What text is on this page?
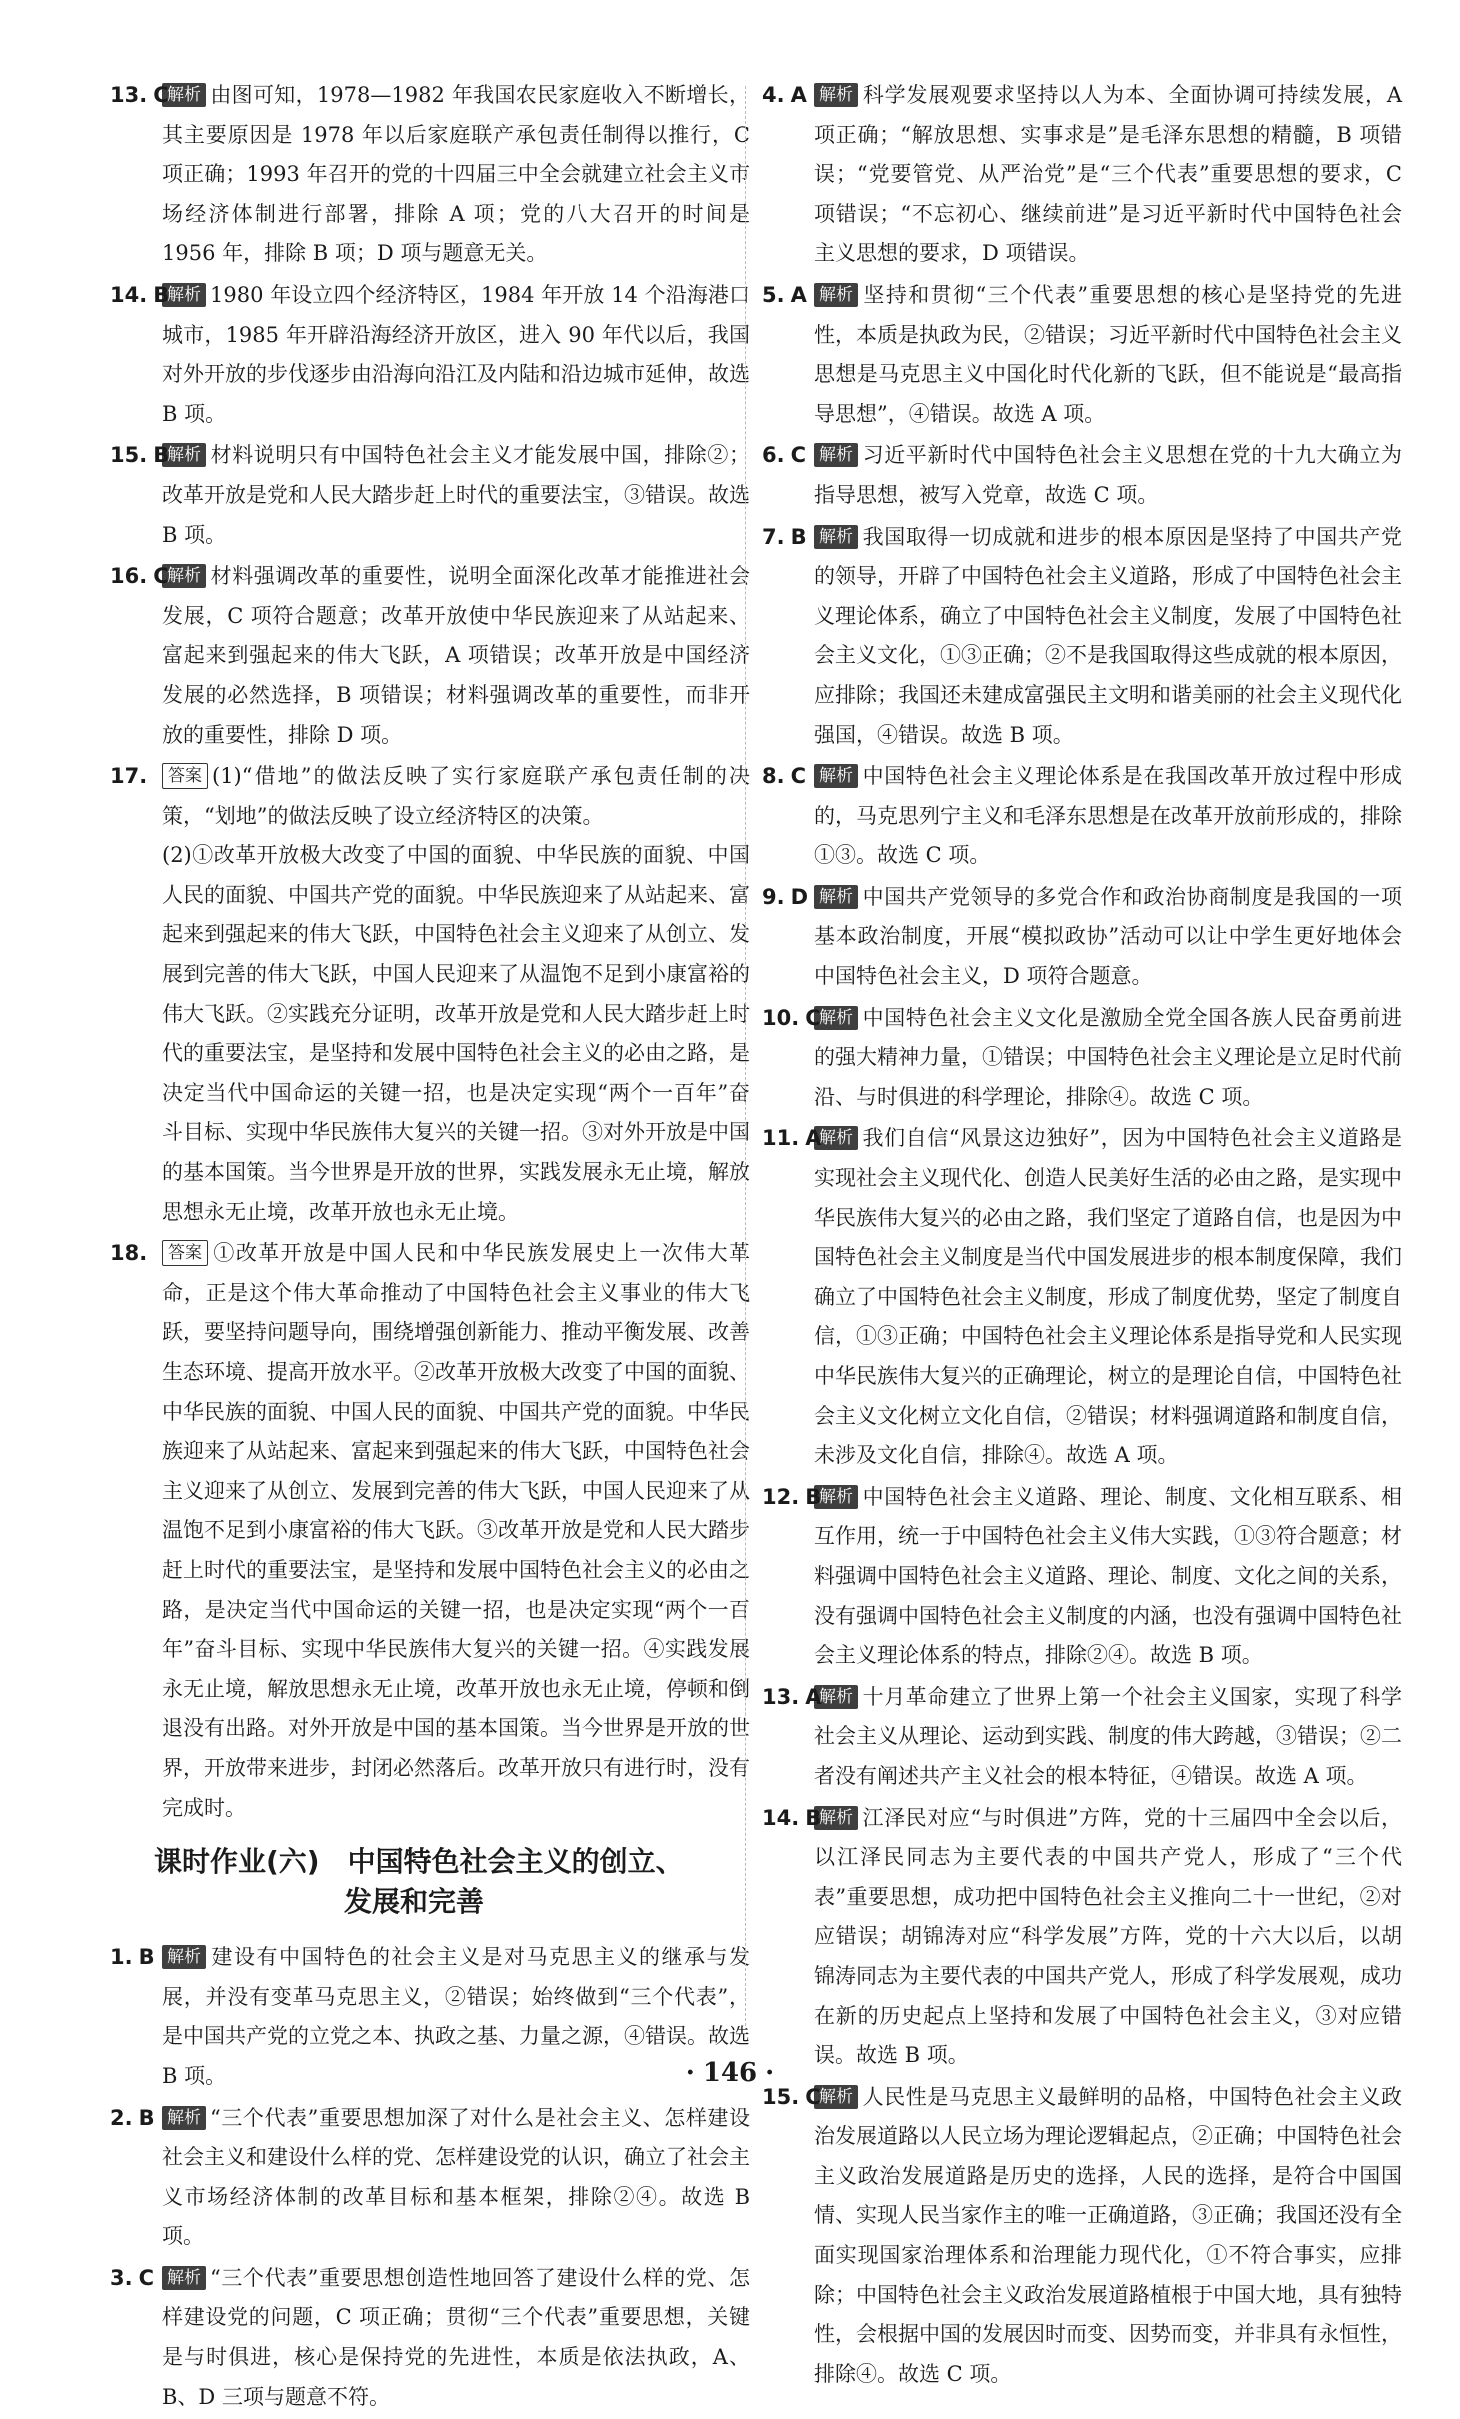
13. C
解析 由图可知，1978—1982 年我国农民家庭收入不断增长，其主要原因是 1978 年以后家庭联产承包责任制得以推行，C 项正确；1993 年召开的党的十四届三中全会就建立社会主义市场经济体制进行部署，排除 A 项；党的八大召开的时间是 1956 年，排除 B 项；D 项与题意无关。
14. B
解析 1980 年设立四个经济特区，1984 年开放 14 个沿海港口城市，1985 年开辟沿海经济开放区，进入 90 年代以后，我国对外开放的步伐逐步由沿海向沿江及内陆和沿边城市延伸，故选 B 项。
15. B
解析 材料说明只有中国特色社会主义才能发展中国，排除②；改革开放是党和人民大踏步赶上时代的重要法宝，③错误。故选 B 项。
16. C
解析 材料强调改革的重要性，说明全面深化改革才能推进社会发展，C 项符合题意；改革开放使中华民族迎来了从站起来、富起来到强起来的伟大飞跃，A 项错误；改革开放是中国经济发展的必然选择，B 项错误；材料强调改革的重要性，而非开放的重要性，排除 D 项。
17.	答案 (1)“借地”的做法反映了实行家庭联产承包责任制的决策，“划地”的做法反映了设立经济特区的决策。
(2)①改革开放极大改变了中国的面貌、中华民族的面貌、中国人民的面貌、中国共产党的面貌。中华民族迎来了从站起来、富起来到强起来的伟大飞跃，中国特色社会主义迎来了从创立、发展到完善的伟大飞跃，中国人民迎来了从温饱不足到小康富裕的伟大飞跃。②实践充分证明，改革开放是党和人民大踏步赶上时代的重要法宝，是坚持和发展中国特色社会主义的必由之路，是决定当代中国命运的关键一招，也是决定实现“两个一百年”奋斗目标、实现中华民族伟大复兴的关键一招。③对外开放是中国的基本国策。当今世界是开放的世界，实践发展永无止境，解放思想永无止境，改革开放也永无止境。
18.	答案 ①改革开放是中国人民和中华民族发展史上一次伟大革命，正是这个伟大革命推动了中国特色社会主义事业的伟大飞跃，要坚持问题导向，围绕增强创新能力、推动平衡发展、改善生态环境、提高开放水平。②改革开放极大改变了中国的面貌、中华民族的面貌、中国人民的面貌、中国共产党的面貌。中华民族迎来了从站起来、富起来到强起来的伟大飞跃，中国特色社会主义迎来了从创立、发展到完善的伟大飞跃，中国人民迎来了从温饱不足到小康富裕的伟大飞跃。③改革开放是党和人民大踏步赶上时代的重要法宝，是坚持和发展中国特色社会主义的必由之路，是决定当代中国命运的关键一招，也是决定实现“两个一百年”奋斗目标、实现中华民族伟大复兴的关键一招。④实践发展永无止境，解放思想永无止境，改革开放也永无止境，停顿和倒退没有出路。对外开放是中国的基本国策。当今世界是开放的世界，开放带来进步，封闭必然落后。改革开放只有进行时，没有完成时。
课时作业(六)　中国特色社会主义的创立、
发展和完善
1. B 解析 建设有中国特色的社会主义是对马克思主义的继承与发展，并没有变革马克思主义，②错误；始终做到“三个代表”，是中国共产党的立党之本、执政之基、力量之源，④错误。故选 B 项。
2. B 解析 “三个代表”重要思想加深了对什么是社会主义、怎样建设社会主义和建设什么样的党、怎样建设党的认识，确立了社会主义市场经济体制的改革目标和基本框架，排除②④。故选 B 项。
3. C 解析 “三个代表”重要思想创造性地回答了建设什么样的党、怎样建设党的问题，C 项正确；贯彻“三个代表”重要思想，关键是与时俱进，核心是保持党的先进性，本质是依法执政，A、B、D 三项与题意不符。
4. A 解析 科学发展观要求坚持以人为本、全面协调可持续发展，A 项正确；“解放思想、实事求是”是毛泽东思想的精髓，B 项错误；“党要管党、从严治党”是“三个代表”重要思想的要求，C 项错误；“不忘初心、继续前进”是习近平新时代中国特色社会主义思想的要求，D 项错误。
5. A 解析 坚持和贯彻“三个代表”重要思想的核心是坚持党的先进性，本质是执政为民，②错误；习近平新时代中国特色社会主义思想是马克思主义中国化时代化新的飞跃，但不能说是“最高指导思想”，④错误。故选 A 项。
6. C 解析 习近平新时代中国特色社会主义思想在党的十九大确立为指导思想，被写入党章，故选 C 项。
7. B 解析 我国取得一切成就和进步的根本原因是坚持了中国共产党的领导，开辟了中国特色社会主义道路，形成了中国特色社会主义理论体系，确立了中国特色社会主义制度，发展了中国特色社会主义文化，①③正确；②不是我国取得这些成就的根本原因，应排除；我国还未建成富强民主文明和谐美丽的社会主义现代化强国，④错误。故选 B 项。
8. C 解析 中国特色社会主义理论体系是在我国改革开放过程中形成的，马克思列宁主义和毛泽东思想是在改革开放前形成的，排除①③。故选 C 项。
9. D 解析 中国共产党领导的多党合作和政治协商制度是我国的一项基本政治制度，开展“模拟政协”活动可以让中学生更好地体会中国特色社会主义，D 项符合题意。
10. C
解析 中国特色社会主义文化是激励全党全国各族人民奋勇前进的强大精神力量，①错误；中国特色社会主义理论是立足时代前沿、与时俱进的科学理论，排除④。故选 C 项。
11. A
解析 我们自信“风景这边独好”，因为中国特色社会主义道路是实现社会主义现代化、创造人民美好生活的必由之路，是实现中华民族伟大复兴的必由之路，我们坚定了道路自信，也是因为中国特色社会主义制度是当代中国发展进步的根本制度保障，我们确立了中国特色社会主义制度，形成了制度优势，坚定了制度自信，①③正确；中国特色社会主义理论体系是指导党和人民实现中华民族伟大复兴的正确理论，树立的是理论自信，中国特色社会主义文化树立文化自信，②错误；材料强调道路和制度自信，未涉及文化自信，排除④。故选 A 项。
12. B
解析 中国特色社会主义道路、理论、制度、文化相互联系、相互作用，统一于中国特色社会主义伟大实践，①③符合题意；材料强调中国特色社会主义道路、理论、制度、文化之间的关系，没有强调中国特色社会主义制度的内涵，也没有强调中国特色社会主义理论体系的特点，排除②④。故选 B 项。
13. A
解析 十月革命建立了世界上第一个社会主义国家，实现了科学社会主义从理论、运动到实践、制度的伟大跨越，③错误；②二者没有阐述共产主义社会的根本特征，④错误。故选 A 项。
14. B
解析 江泽民对应“与时俱进”方阵，党的十三届四中全会以后，以江泽民同志为主要代表的中国共产党人，形成了“三个代表”重要思想，成功把中国特色社会主义推向二十一世纪，②对应错误；胡锦涛对应“科学发展”方阵，党的十六大以后，以胡锦涛同志为主要代表的中国共产党人，形成了科学发展观，成功在新的历史起点上坚持和发展了中国特色社会主义，③对应错误。故选 B 项。
15. C
解析 人民性是马克思主义最鲜明的品格，中国特色社会主义政治发展道路以人民立场为理论逻辑起点，②正确；中国特色社会主义政治发展道路是历史的选择，人民的选择，是符合中国国情、实现人民当家作主的唯一正确道路，③正确；我国还没有全面实现国家治理体系和治理能力现代化，①不符合事实，应排除；中国特色社会主义政治发展道路植根于中国大地，具有独特性，会根据中国的发展因时而变、因势而变，并非具有永恒性，排除④。故选 C 项。
· 146 ·
